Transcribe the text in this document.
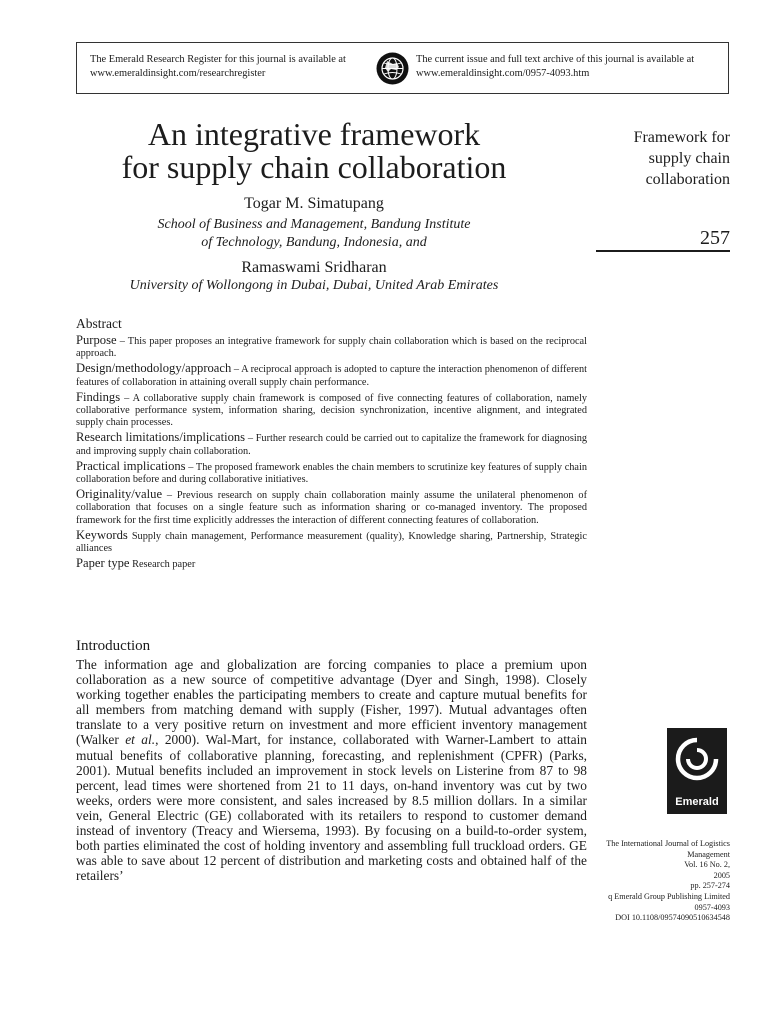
The Emerald Research Register for this journal is available at
www.emeraldinsight.com/researchregister
The current issue and full text archive of this journal is available at
www.emeraldinsight.com/0957-4093.htm
An integrative framework
for supply chain collaboration
Togar M. Simatupang
School of Business and Management, Bandung Institute
of Technology, Bandung, Indonesia, and
Ramaswami Sridharan
University of Wollongong in Dubai, Dubai, United Arab Emirates
Framework for
supply chain
collaboration
257
Abstract
Purpose – This paper proposes an integrative framework for supply chain collaboration which is based on the reciprocal approach.
Design/methodology/approach – A reciprocal approach is adopted to capture the interaction phenomenon of different features of collaboration in attaining overall supply chain performance.
Findings – A collaborative supply chain framework is composed of five connecting features of collaboration, namely collaborative performance system, information sharing, decision synchronization, incentive alignment, and integrated supply chain processes.
Research limitations/implications – Further research could be carried out to capitalize the framework for diagnosing and improving supply chain collaboration.
Practical implications – The proposed framework enables the chain members to scrutinize key features of supply chain collaboration before and during collaborative initiatives.
Originality/value – Previous research on supply chain collaboration mainly assume the unilateral phenomenon of collaboration that focuses on a single feature such as information sharing or co-managed inventory. The proposed framework for the first time explicitly addresses the interaction of different connecting features of collaboration.
Keywords Supply chain management, Performance measurement (quality), Knowledge sharing, Partnership, Strategic alliances
Paper type Research paper
Introduction

The information age and globalization are forcing companies to place a premium upon collaboration as a new source of competitive advantage (Dyer and Singh, 1998). Closely working together enables the participating members to create and capture mutual benefits for all members from matching demand with supply (Fisher, 1997). Mutual advantages often translate to a very positive return on investment and more efficient inventory management (Walker et al., 2000). Wal-Mart, for instance, collaborated with Warner-Lambert to attain mutual benefits of collaborative planning, forecasting, and replenishment (CPFR) (Parks, 2001). Mutual benefits included an improvement in stock levels on Listerine from 87 to 98 percent, lead times were shortened from 21 to 11 days, on-hand inventory was cut by two weeks, orders were more consistent, and sales increased by 8.5 million dollars. In a similar vein, General Electric (GE) collaborated with its retailers to respond to customer demand instead of inventory (Treacy and Wiersema, 1993). By focusing on a build-to-order system, both parties eliminated the cost of holding inventory and assembling full truckload orders. GE was able to save about 12 percent of distribution and marketing costs and obtained half of the retailers’

Emerald
The International Journal of Logistics
Management
Vol. 16 No. 2,
2005
pp. 257-274
q Emerald Group Publishing Limited
0957-4093
DOI 10.1108/09574090510634548
